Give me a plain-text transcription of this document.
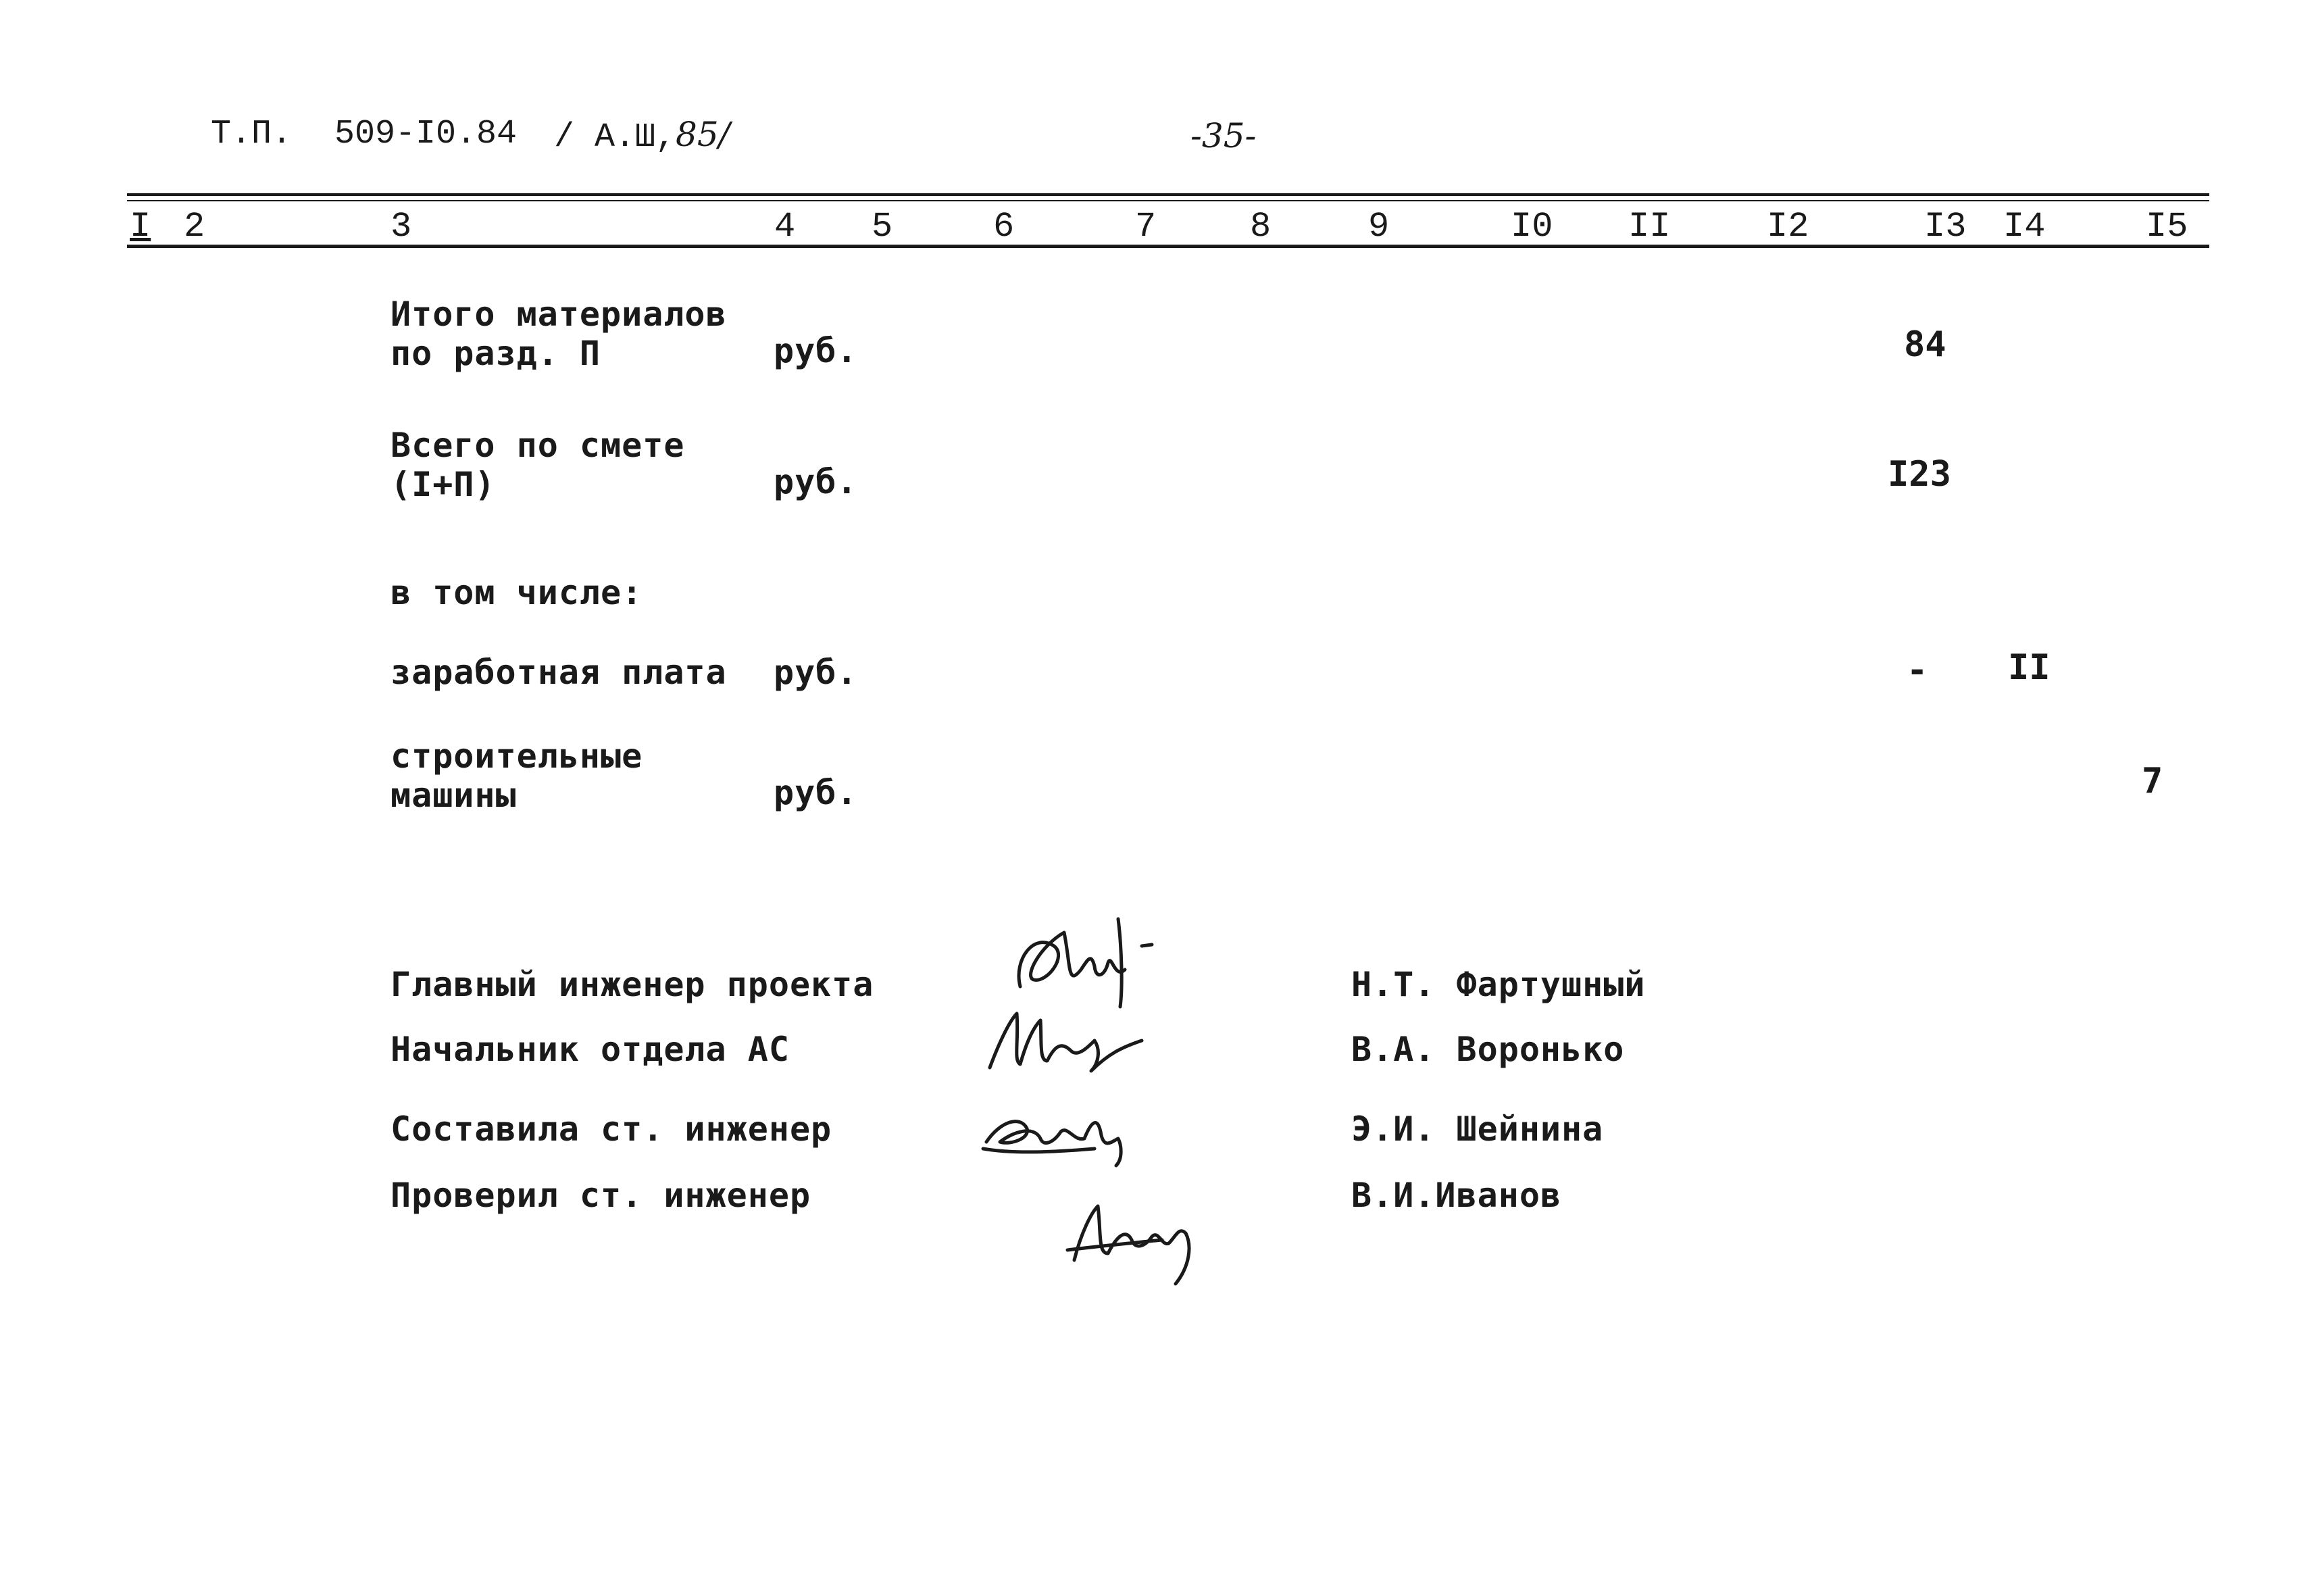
Т.П. 509-I0.84 / А.Ш,85/	-35-
I 2	3	4 5	6	7	8	9	I0 II	I2	I3 I4	I5
Итого материалов
по разд. П	руб.	84
Всего по смете
(I+П)	руб.	I23
в том числе:
заработная плата руб.	- II
строительные
машины	руб.	7
Главный инженер проекта	Н.Т. Фартушный
Начальник отдела АС	В.А. Воронько
Составила ст. инженер	Э.И. Шейнина
Проверил ст. инженер	В.И.Иванов
